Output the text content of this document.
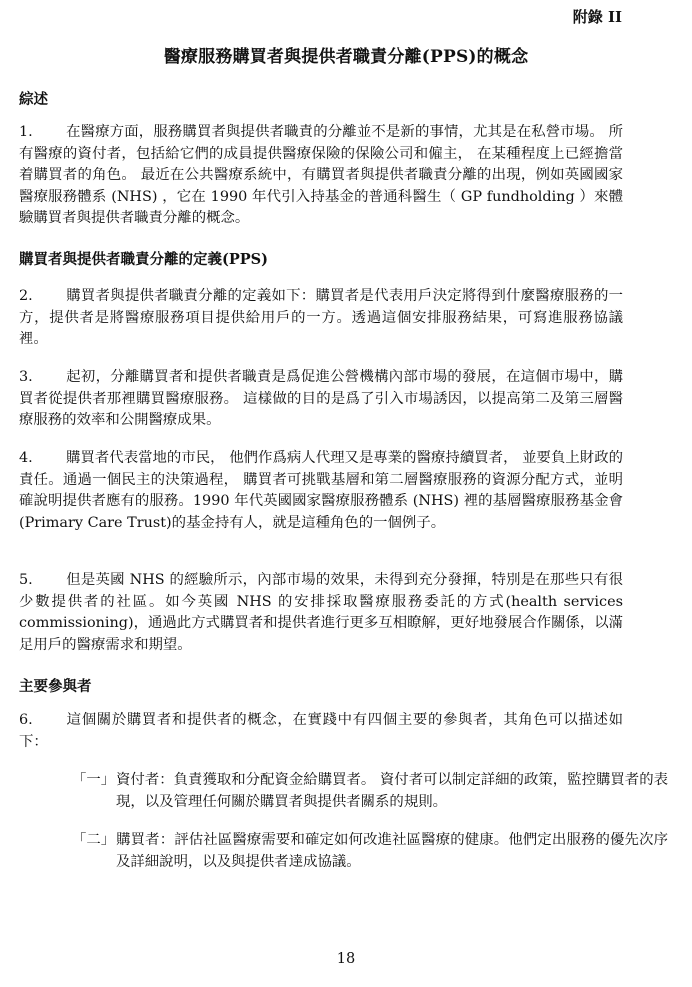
附錄 II
醫療服務購買者與提供者職責分離(PPS)的概念
綜述
1. 在醫療方面，服務購買者與提供者職責的分離並不是新的事情，尤其是在私營市場。 所有醫療的資付者，包括給它們的成員提供醫療保險的保險公司和僱主， 在某種程度上已經擔當着購買者的角色。 最近在公共醫療系統中，有購買者與提供者職責分離的出現，例如英國國家醫療服務體系 (NHS) ，它在 1990 年代引入持基金的普通科醫生（ GP fundholding ）來體驗購買者與提供者職責分離的概念。
購買者與提供者職責分離的定義(PPS)
2. 購買者與提供者職責分離的定義如下：購買者是代表用戶決定將得到什麼醫療服務的一方，提供者是將醫療服務項目提供給用戶的一方。透過這個安排服務結果，可寫進服務協議裡。
3. 起初，分離購買者和提供者職責是爲促進公營機構內部市場的發展，在這個市場中，購買者從提供者那裡購買醫療服務。 這樣做的目的是爲了引入市場誘因，以提高第二及第三層醫療服務的效率和公開醫療成果。
4. 購買者代表當地的市民， 他們作爲病人代理又是專業的醫療持續買者， 並要負上財政的責任。通過一個民主的決策過程， 購買者可挑戰基層和第二層醫療服務的資源分配方式，並明確說明提供者應有的服務。1990 年代英國國家醫療服務體系 (NHS) 裡的基層醫療服務基金會(Primary Care Trust)的基金持有人，就是這種角色的一個例子。
5. 但是英國 NHS 的經驗所示，內部市場的效果，未得到充分發揮，特別是在那些只有很少數提供者的社區。如今英國 NHS 的安排採取醫療服務委託的方式(health services commissioning)，通過此方式購買者和提供者進行更多互相瞭解，更好地發展合作關係，以滿足用戶的醫療需求和期望。
主要參與者
6. 這個關於購買者和提供者的概念，在實踐中有四個主要的參與者，其角色可以描述如下：
「一」資付者：負責獲取和分配資金給購買者。 資付者可以制定詳細的政策，監控購買者的表現，以及管理任何關於購買者與提供者關系的規則。
「二」購買者：評估社區醫療需要和確定如何改進社區醫療的健康。他們定出服務的優先次序及詳細說明，以及與提供者達成協議。
18
